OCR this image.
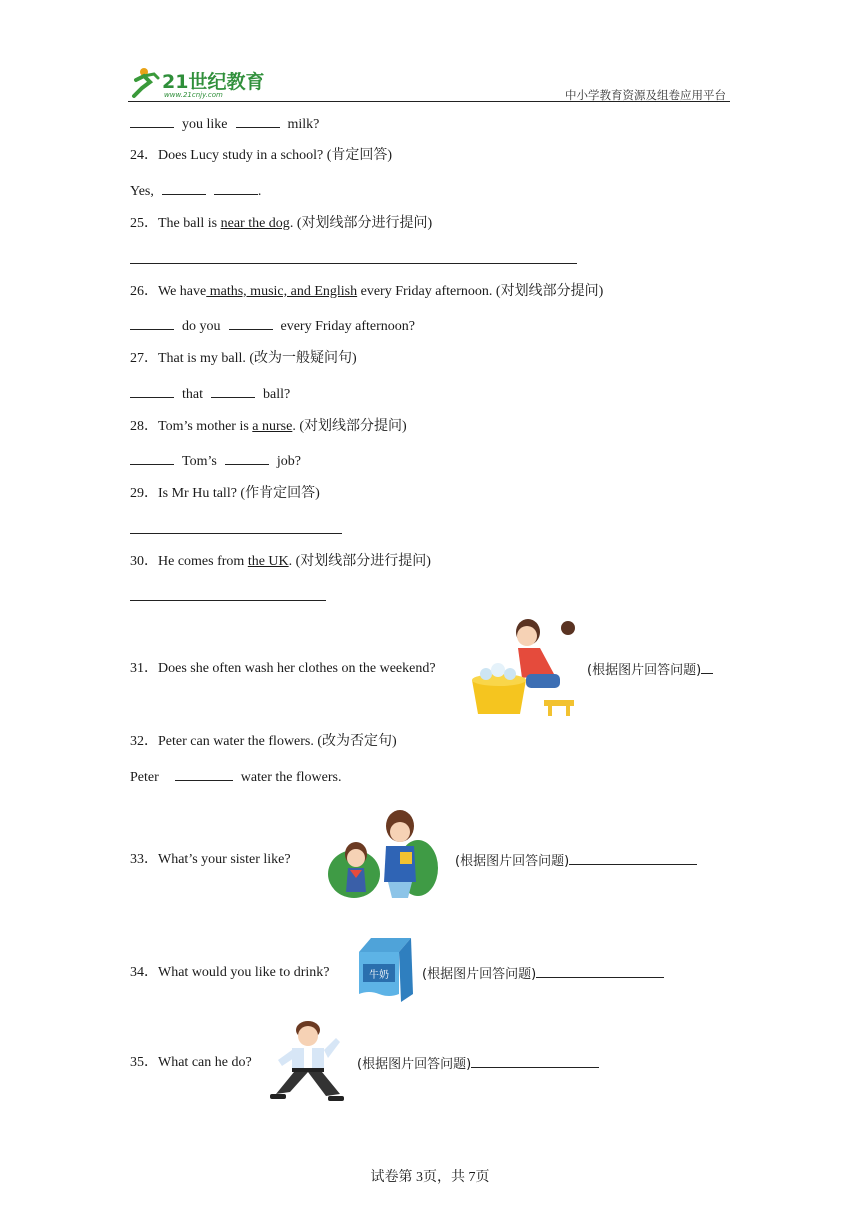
21世纪教育
www.21cnjy.com	中小学教育资源及组卷应用平台
you like	milk?
24．Does Lucy study in a school? (肯定回答)
Yes,	.
25．The ball is near the dog. (对划线部分进行提问)
26．We have maths, music, and English every Friday afternoon. (对划线部分提问)
do you	every Friday afternoon?
27．That is my ball. (改为一般疑问句)
that	ball?
28．Tom’s mother is a nurse. (对划线部分提问)
Tom’s	job?
29．Is Mr Hu tall? (作肯定回答)
30．He comes from the UK. (对划线部分进行提问)
31．Does she often wash her clothes on the weekend?	(根据图片回答问题)
32．Peter can water the flowers. (改为否定句)
Peter	water the flowers.
33．What’s your sister like?	(根据图片回答问题)
34．What would you like to drink?	牛奶	(根据图片回答问题)
35．What can he do?	(根据图片回答问题)
试卷第 3页，共 7页
